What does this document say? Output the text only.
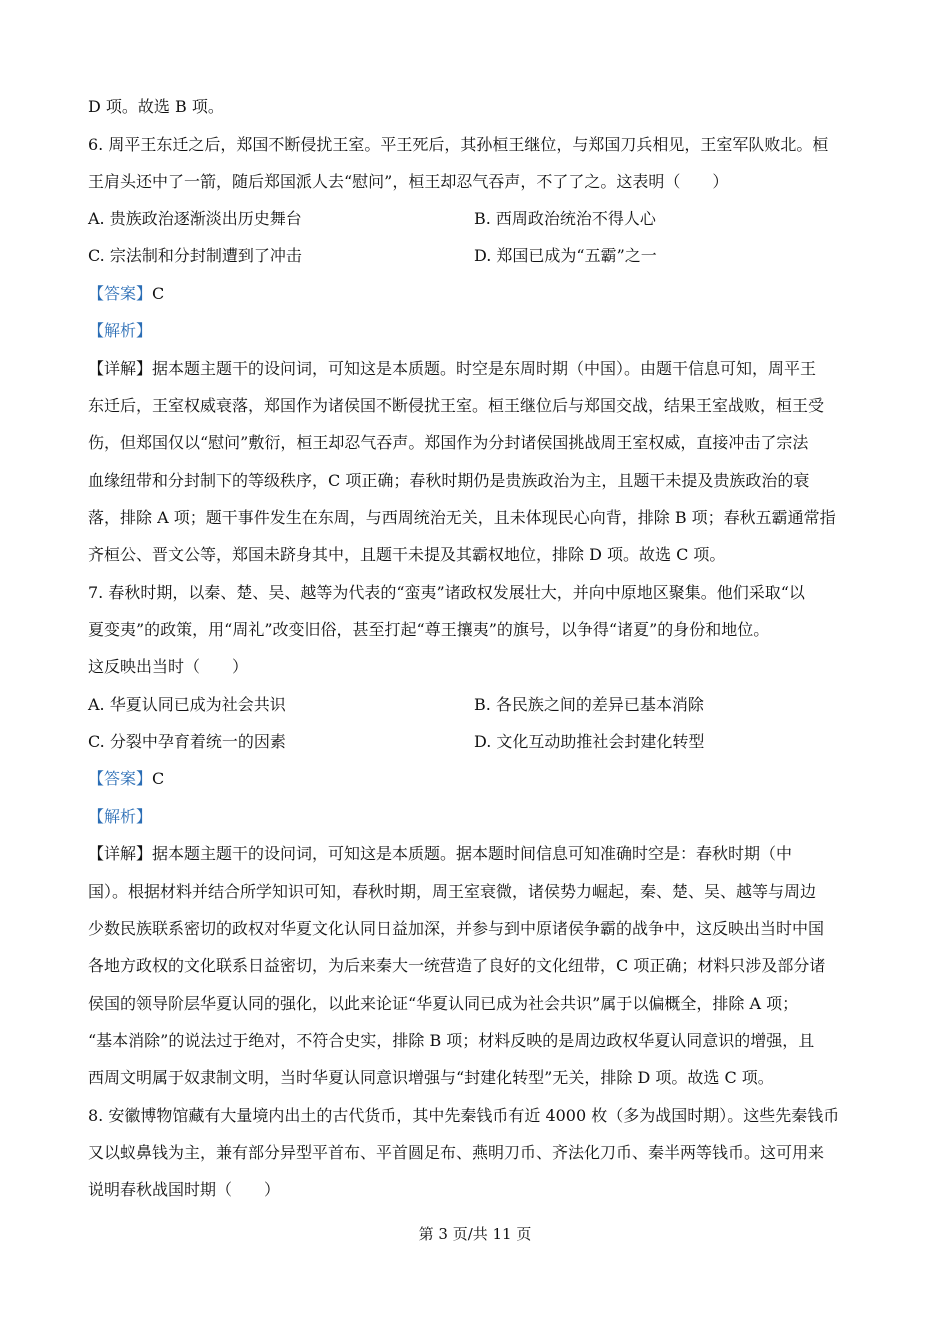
D 项。故选 B 项。
6. 周平王东迁之后，郑国不断侵扰王室。平王死后，其孙桓王继位，与郑国刀兵相见，王室军队败北。桓
王肩头还中了一箭，随后郑国派人去“慰问”，桓王却忍气吞声，不了了之。这表明（　　）
A. 贵族政治逐渐淡出历史舞台	B. 西周政治统治不得人心
C. 宗法制和分封制遭到了冲击	D. 郑国已成为“五霸”之一
【答案】C
【解析】
【详解】据本题主题干的设问词，可知这是本质题。时空是东周时期（中国）。由题干信息可知，周平王
东迁后，王室权威衰落，郑国作为诸侯国不断侵扰王室。桓王继位后与郑国交战，结果王室战败，桓王受
伤，但郑国仅以“慰问”敷衍，桓王却忍气吞声。郑国作为分封诸侯国挑战周王室权威，直接冲击了宗法
血缘纽带和分封制下的等级秩序，C 项正确；春秋时期仍是贵族政治为主，且题干未提及贵族政治的衰
落，排除 A 项；题干事件发生在东周，与西周统治无关，且未体现民心向背，排除 B 项；春秋五霸通常指
齐桓公、晋文公等，郑国未跻身其中，且题干未提及其霸权地位，排除 D 项。故选 C 项。
7. 春秋时期，以秦、楚、吴、越等为代表的“蛮夷”诸政权发展壮大，并向中原地区聚集。他们采取“以
夏变夷”的政策，用“周礼”改变旧俗，甚至打起“尊王攘夷”的旗号，以争得“诸夏”的身份和地位。
这反映出当时（　　）
A. 华夏认同已成为社会共识	B. 各民族之间的差异已基本消除
C. 分裂中孕育着统一的因素	D. 文化互动助推社会封建化转型
【答案】C
【解析】
【详解】据本题主题干的设问词，可知这是本质题。据本题时间信息可知准确时空是：春秋时期（中
国）。根据材料并结合所学知识可知，春秋时期，周王室衰微，诸侯势力崛起，秦、楚、吴、越等与周边
少数民族联系密切的政权对华夏文化认同日益加深，并参与到中原诸侯争霸的战争中，这反映出当时中国
各地方政权的文化联系日益密切，为后来秦大一统营造了良好的文化纽带，C 项正确；材料只涉及部分诸
侯国的领导阶层华夏认同的强化，以此来论证“华夏认同已成为社会共识”属于以偏概全，排除 A 项；
“基本消除”的说法过于绝对，不符合史实，排除 B 项；材料反映的是周边政权华夏认同意识的增强，且
西周文明属于奴隶制文明，当时华夏认同意识增强与“封建化转型”无关，排除 D 项。故选 C 项。
8. 安徽博物馆藏有大量境内出土的古代货币，其中先秦钱币有近 4000 枚（多为战国时期）。这些先秦钱币
又以蚁鼻钱为主，兼有部分异型平首布、平首圆足布、燕明刀币、齐法化刀币、秦半两等钱币。这可用来
说明春秋战国时期（　　）
第 3 页/共 11 页
